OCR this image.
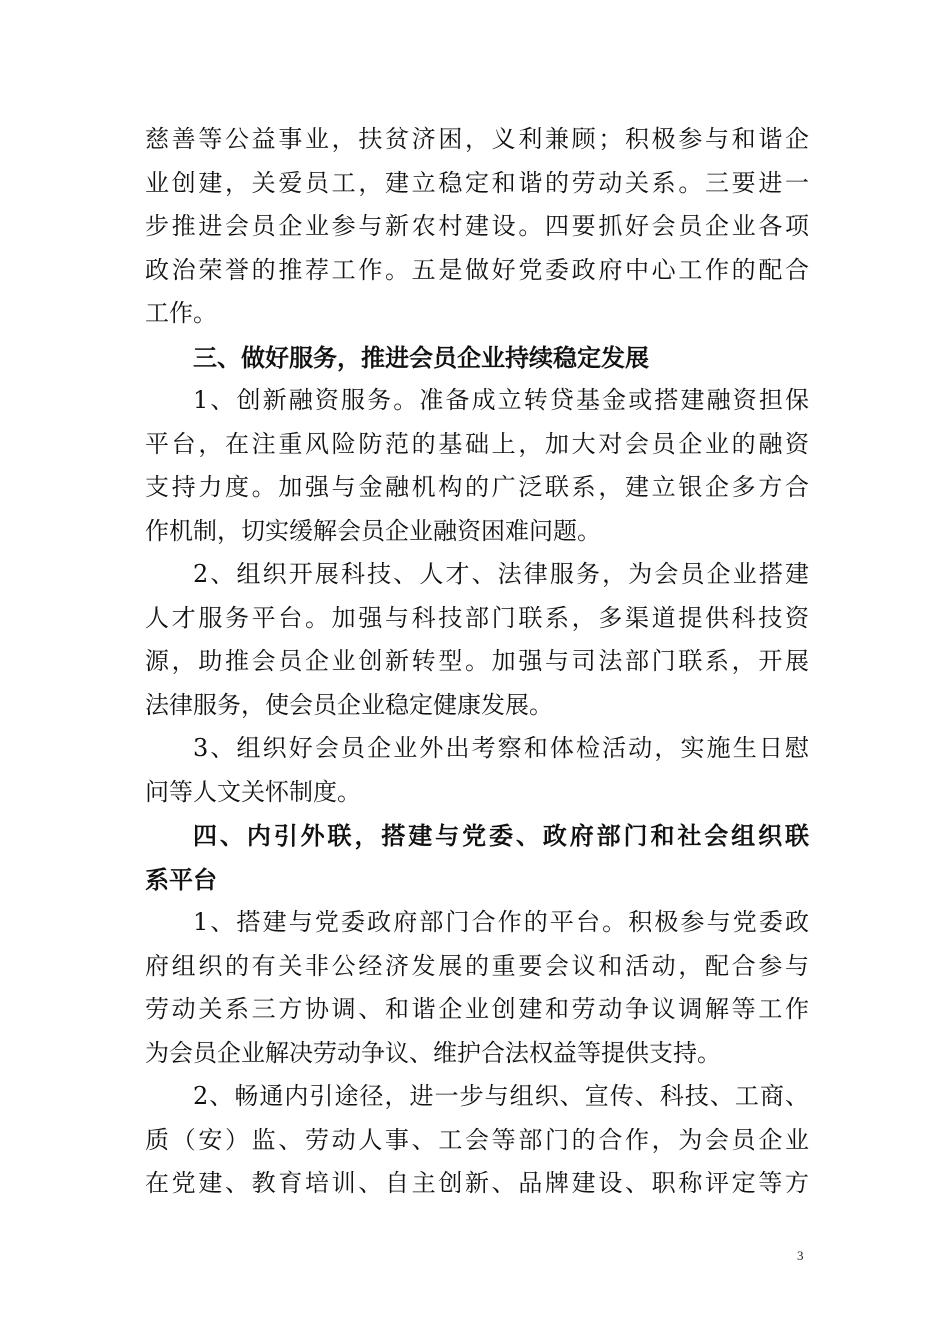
慈善等公益事业，扶贫济困，义利兼顾；积极参与和谐企
业创建，关爱员工，建立稳定和谐的劳动关系。三要进一
步推进会员企业参与新农村建设。四要抓好会员企业各项
政治荣誉的推荐工作。五是做好党委政府中心工作的配合
工作。
三、做好服务，推进会员企业持续稳定发展
1、创新融资服务。准备成立转贷基金或搭建融资担保
平台，在注重风险防范的基础上，加大对会员企业的融资
支持力度。加强与金融机构的广泛联系，建立银企多方合
作机制，切实缓解会员企业融资困难问题。
2、组织开展科技、人才、法律服务，为会员企业搭建
人才服务平台。加强与科技部门联系，多渠道提供科技资
源，助推会员企业创新转型。加强与司法部门联系，开展
法律服务，使会员企业稳定健康发展。
3、组织好会员企业外出考察和体检活动，实施生日慰
问等人文关怀制度。
四、内引外联，搭建与党委、政府部门和社会组织联
系平台
1、搭建与党委政府部门合作的平台。积极参与党委政
府组织的有关非公经济发展的重要会议和活动，配合参与
劳动关系三方协调、和谐企业创建和劳动争议调解等工作
为会员企业解决劳动争议、维护合法权益等提供支持。
2、畅通内引途径，进一步与组织、宣传、科技、工商、
质（安）监、劳动人事、工会等部门的合作，为会员企业
在党建、教育培训、自主创新、品牌建设、职称评定等方
3
